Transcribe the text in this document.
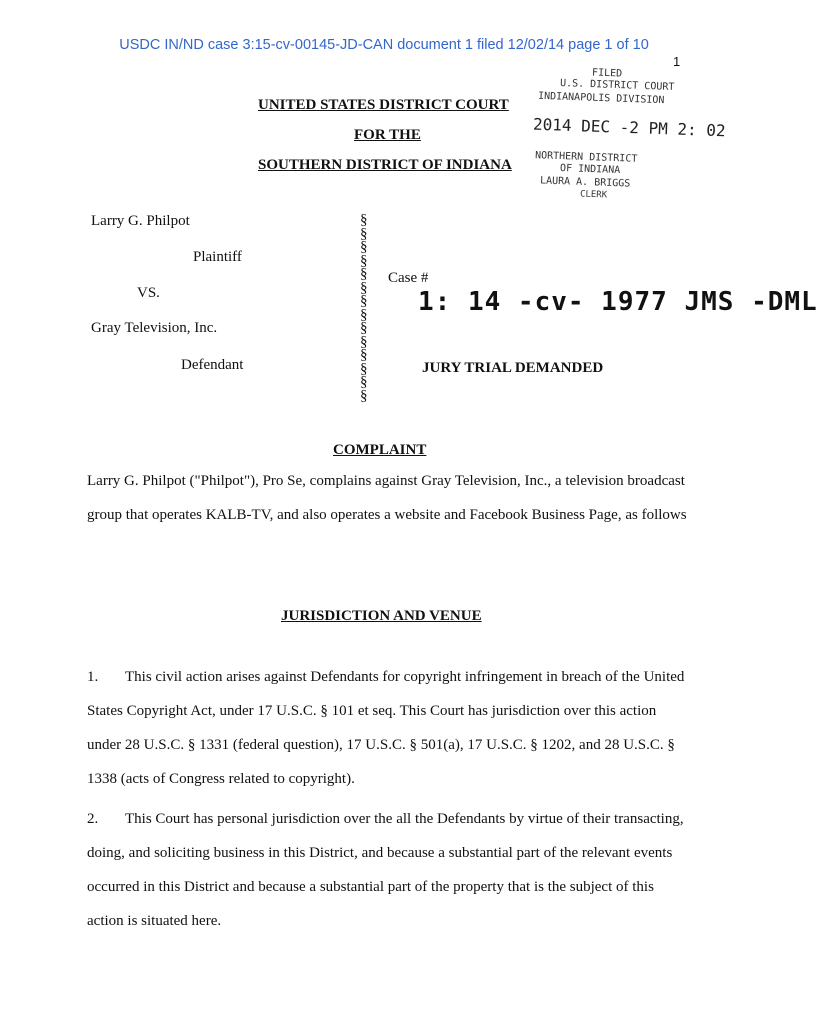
USDC IN/ND case 3:15-cv-00145-JD-CAN document 1 filed 12/02/14 page 1 of 10
1
UNITED STATES DISTRICT COURT
FOR THE
SOUTHERN DISTRICT OF INDIANA
FILED
U.S. DISTRICT COURT
INDIANAPOLIS DIVISION
2014 DEC -2 PM 2: 02
NORTHERN DISTRICT
OF INDIANA
LAURA A. BRIGGS
CLERK
Larry G. Philpot
Plaintiff
VS.
Gray Television, Inc.
Defendant
§
§
§
§
§
§
§
§
§
§
§
§
§
§
Case #
1: 14 -cv- 1977 JMS -DML
JURY TRIAL DEMANDED
COMPLAINT
Larry G. Philpot ("Philpot"), Pro Se, complains against Gray Television, Inc., a television broadcast group that operates KALB-TV, and also operates a website and Facebook Business Page, as follows
JURISDICTION AND VENUE
1. This civil action arises against Defendants for copyright infringement in breach of the United States Copyright Act, under 17 U.S.C. § 101 et seq. This Court has jurisdiction over this action under 28 U.S.C. § 1331 (federal question), 17 U.S.C. § 501(a), 17 U.S.C. § 1202, and 28 U.S.C. § 1338 (acts of Congress related to copyright).
2. This Court has personal jurisdiction over the all the Defendants by virtue of their transacting, doing, and soliciting business in this District, and because a substantial part of the relevant events occurred in this District and because a substantial part of the property that is the subject of this action is situated here.
